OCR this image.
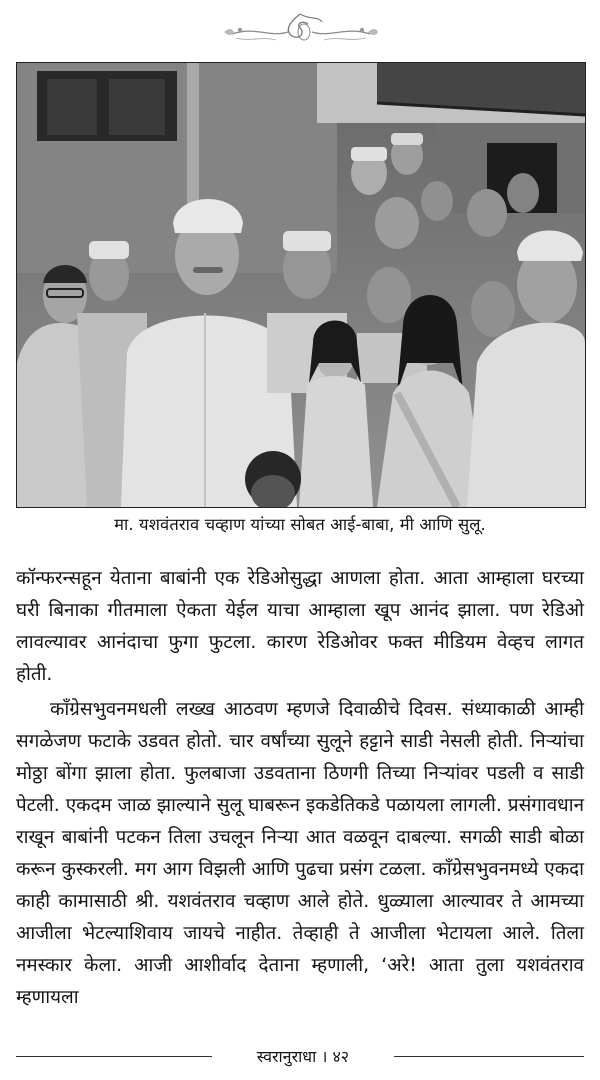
मा. यशवंतराव चव्हाण यांच्या सोबत आई-बाबा, मी आणि सुलू.

कॉन्फरन्सहून येताना बाबांनी एक रेडिओसुद्धा आणला होता. आता आम्हाला घरच्या घरी बिनाका गीतमाला ऐकता येईल याचा आम्हाला खूप आनंद झाला. पण रेडिओ लावल्यावर आनंदाचा फुगा फुटला. कारण रेडिओवर फक्त मीडियम वेव्हच लागत होती.

काँग्रेसभुवनमधली लख्ख आठवण म्हणजे दिवाळीचे दिवस. संध्याकाळी आम्ही सगळेजण फटाके उडवत होतो. चार वर्षांच्या सुलूने हट्टाने साडी नेसली होती. निऱ्यांचा मोठ्ठा बोंगा झाला होता. फुलबाजा उडवताना ठिणगी तिच्या निऱ्यांवर पडली व साडी पेटली. एकदम जाळ झाल्याने सुलू घाबरून इकडेतिकडे पळायला लागली. प्रसंगावधान राखून बाबांनी पटकन तिला उचलून निऱ्या आत वळवून दाबल्या. सगळी साडी बोळा करून कुस्करली. मग आग विझली आणि पुढचा प्रसंग टळला. काँग्रेसभुवनमध्ये एकदा काही कामासाठी श्री. यशवंतराव चव्हाण आले होते. धुळ्याला आल्यावर ते आमच्या आजीला भेटल्याशिवाय जायचे नाहीत. तेव्हाही ते आजीला भेटायला आले. तिला नमस्कार केला. आजी आशीर्वाद देताना म्हणाली, ‘अरे! आता तुला यशवंतराव म्हणायला

स्वरानुराधा । ४२
